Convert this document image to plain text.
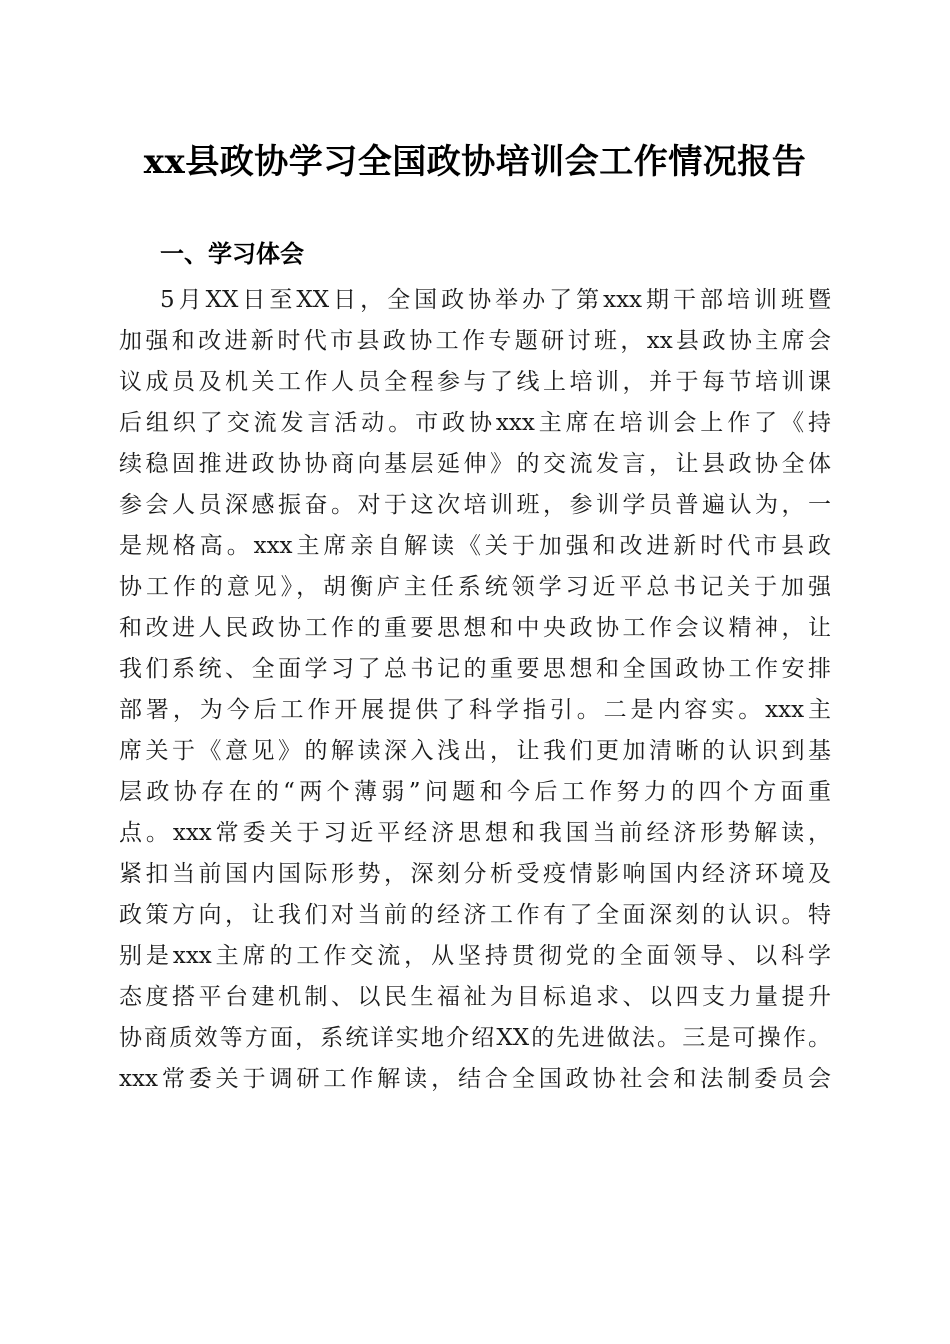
xx县政协学习全国政协培训会工作情况报告
一、学习体会
5月XX日至XX日，全国政协举办了第xxx期干部培训班暨
加强和改进新时代市县政协工作专题研讨班，xx县政协主席会
议成员及机关工作人员全程参与了线上培训，并于每节培训课
后组织了交流发言活动。市政协xxx主席在培训会上作了《持
续稳固推进政协协商向基层延伸》的交流发言，让县政协全体
参会人员深感振奋。对于这次培训班，参训学员普遍认为，一
是规格高。xxx主席亲自解读《关于加强和改进新时代市县政
协工作的意见》，胡衡庐主任系统领学习近平总书记关于加强
和改进人民政协工作的重要思想和中央政协工作会议精神，让
我们系统、全面学习了总书记的重要思想和全国政协工作安排
部署，为今后工作开展提供了科学指引。二是内容实。xxx主
席关于《意见》的解读深入浅出，让我们更加清晰的认识到基
层政协存在的“两个薄弱”问题和今后工作努力的四个方面重
点。xxx常委关于习近平经济思想和我国当前经济形势解读，
紧扣当前国内国际形势，深刻分析受疫情影响国内经济环境及
政策方向，让我们对当前的经济工作有了全面深刻的认识。特
别是xxx主席的工作交流，从坚持贯彻党的全面领导、以科学
态度搭平台建机制、以民生福祉为目标追求、以四支力量提升
协商质效等方面，系统详实地介绍XX的先进做法。三是可操作。
xxx常委关于调研工作解读，结合全国政协社会和法制委员会
